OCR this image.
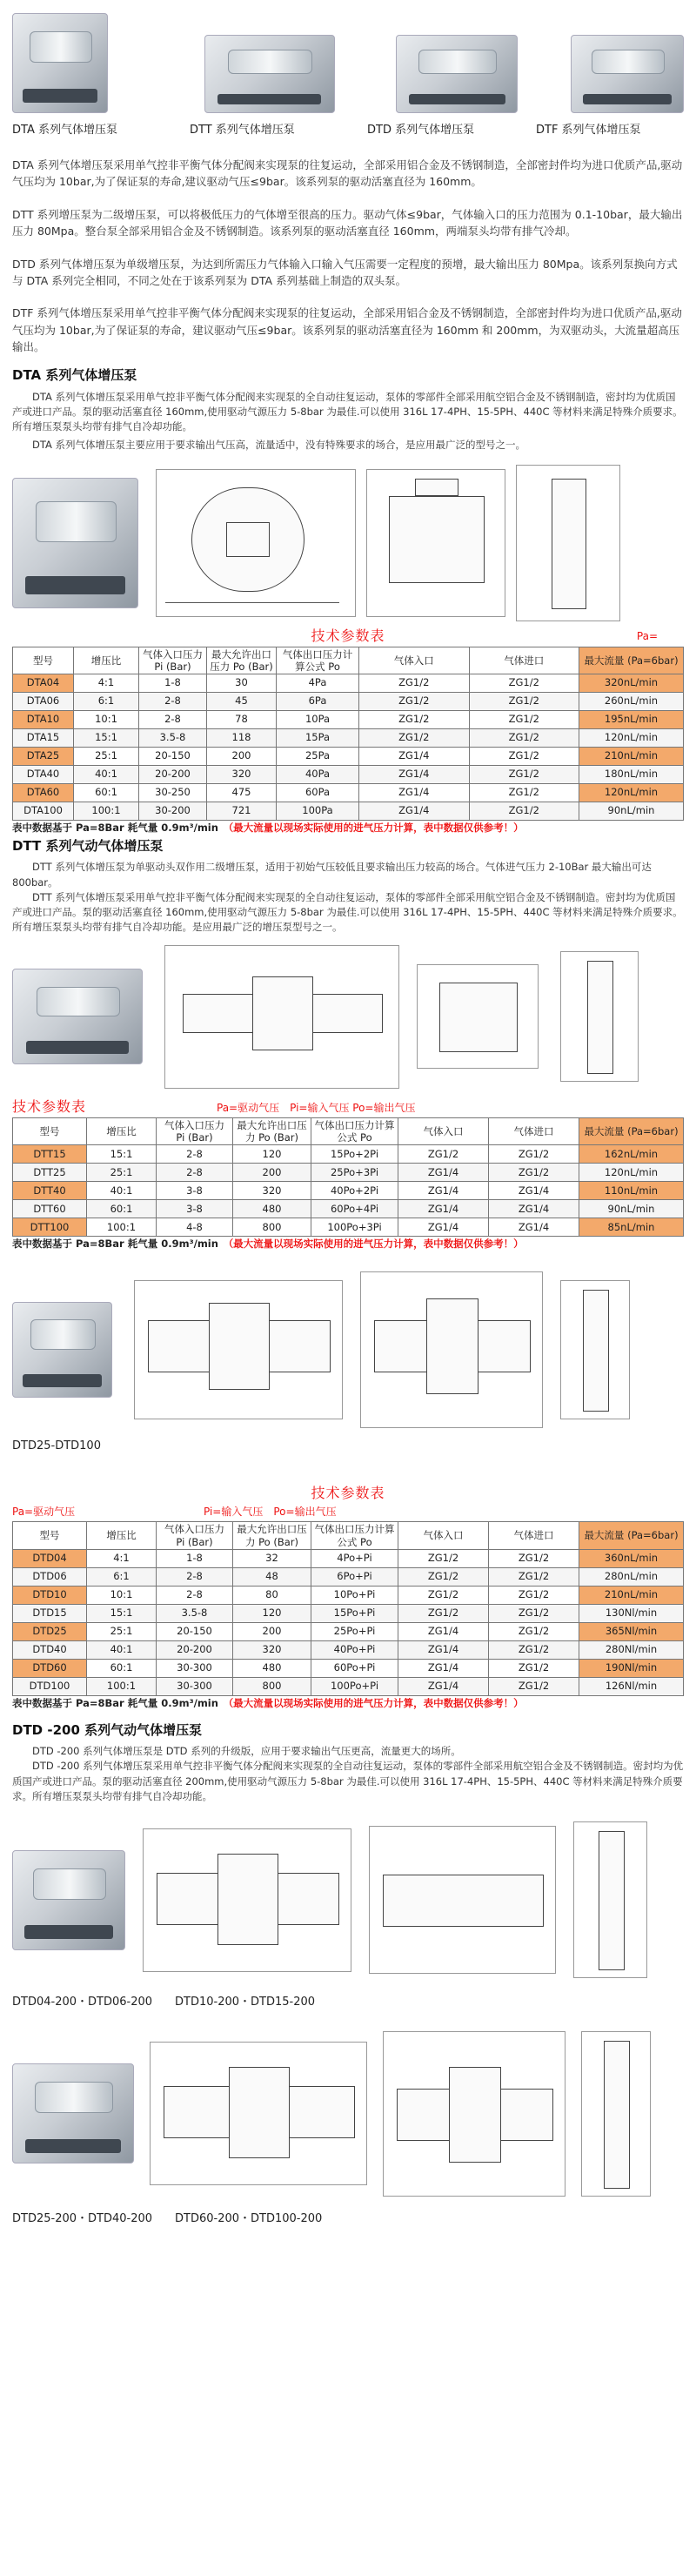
DTA 系列气体增压泵	DTT 系列气体增压泵	DTD 系列气体增压泵	DTF 系列气体增压泵

DTA 系列气体增压泵采用单气控非平衡气体分配阀来实现泵的往复运动，全部采用铝合金及不锈钢制造，全部密封件均为进口优质产品,驱动气压均为 10bar,为了保证泵的寿命,建议驱动气压≤9bar。该系列泵的驱动活塞直径为 160mm。

DTT 系列增压泵为二级增压泵，可以将极低压力的气体增至很高的压力。驱动气体≤9bar，气体输入口的压力范围为 0.1-10bar，最大输出压力 80Mpa。整台泵全部采用铝合金及不锈钢制造。该系列泵的驱动活塞直径 160mm，两端泵头均带有排气冷却。

DTD 系列气体增压泵为单级增压泵，为达到所需压力气体输入口输入气压需要一定程度的预增，最大输出压力 80Mpa。该系列泵换向方式与 DTA 系列完全相同，不同之处在于该系列泵为 DTA 系列基础上制造的双头泵。

DTF 系列气体增压泵采用单气控非平衡气体分配阀来实现泵的往复运动，全部采用铝合金及不锈钢制造，全部密封件均为进口优质产品,驱动气压均为 10bar,为了保证泵的寿命，建议驱动气压≤9bar。该系列泵的驱动活塞直径为 160mm 和 200mm，为双驱动头，大流量超高压输出。

DTA 系列气体增压泵

DTA 系列气体增压泵采用单气控非平衡气体分配阀来实现泵的全自动往复运动，泵体的零部件全部采用航空铝合金及不锈钢制造，密封均为优质国产或进口产品。泵的驱动活塞直径 160mm,使用驱动气源压力 5-8bar 为最佳.可以使用 316L 17-4PH、15-5PH、440C 等材料来满足特殊介质要求。所有增压泵泵头均带有排气自冷却功能。

DTA 系列气体增压泵主要应用于要求输出气压高，流量适中，没有特殊要求的场合，是应用最广泛的型号之一。

技术参数表	Pa=
型号	增压比	气体入口压力 Pi (Bar)	最大允许出口压力 Po (Bar)	气体出口压力计算公式 Po	气体入口	气体进口	最大流量 (Pa=6bar)
DTA04	4:1	1-8	30	4Pa	ZG1/2	ZG1/2	320nL/min
DTA06	6:1	2-8	45	6Pa	ZG1/2	ZG1/2	260nL/min
DTA10	10:1	2-8	78	10Pa	ZG1/2	ZG1/2	195nL/min
DTA15	15:1	3.5-8	118	15Pa	ZG1/2	ZG1/2	120nL/min
DTA25	25:1	20-150	200	25Pa	ZG1/4	ZG1/2	210nL/min
DTA40	40:1	20-200	320	40Pa	ZG1/4	ZG1/2	180nL/min
DTA60	60:1	30-250	475	60Pa	ZG1/4	ZG1/2	120nL/min
DTA100	100:1	30-200	721	100Pa	ZG1/4	ZG1/2	90nL/min
表中数据基于 Pa=8Bar 耗气量 0.9m³/min　 （最大流量以现场实际使用的进气压力计算，表中数据仅供参考！）
DTT 系列气动气体增压泵

DTT 系列气体增压泵为单驱动头双作用二级增压泵，适用于初始气压较低且要求输出压力较高的场合。气体进气压力 2-10Bar 最大输出可达 800bar。

DTT 系列气体增压泵采用单气控非平衡气体分配阀来实现泵的全自动往复运动，泵体的零部件全部采用航空铝合金及不锈钢制造。密封均为优质国产或进口产品。泵的驱动活塞直径 160mm,使用驱动气源压力 5-8bar 为最佳.可以使用 316L 17-4PH、15-5PH、440C 等材料来满足特殊介质要求。所有增压泵泵头均带有排气自冷却功能。是应用最广泛的增压泵型号之一。

技术参数表	Pa=驱动气压　Pi=输入气压 Po=输出气压
型号	增压比	气体入口压力 Pi (Bar)	最大允许出口压力 Po (Bar)	气体出口压力计算公式 Po	气体入口	气体进口	最大流量 (Pa=6bar)
DTT15	15:1	2-8	120	15Po+2Pi	ZG1/2	ZG1/2	162nL/min
DTT25	25:1	2-8	200	25Po+3Pi	ZG1/4	ZG1/2	120nL/min
DTT40	40:1	3-8	320	40Po+2Pi	ZG1/4	ZG1/4	110nL/min
DTT60	60:1	3-8	480	60Po+4Pi	ZG1/4	ZG1/4	90nL/min
DTT100	100:1	4-8	800	100Po+3Pi	ZG1/4	ZG1/4	85nL/min
表中数据基于 Pa=8Bar 耗气量 0.9m³/min　 （最大流量以现场实际使用的进气压力计算，表中数据仅供参考！）
DTD25-DTD100
技术参数表
Pa=驱动气压	Pi=输入气压　Po=输出气压
型号	增压比	气体入口压力 Pi (Bar)	最大允许出口压力 Po (Bar)	气体出口压力计算公式 Po	气体入口	气体进口	最大流量 (Pa=6bar)
DTD04	4:1	1-8	32	4Po+Pi	ZG1/2	ZG1/2	360nL/min
DTD06	6:1	2-8	48	6Po+Pi	ZG1/2	ZG1/2	280nL/min
DTD10	10:1	2-8	80	10Po+Pi	ZG1/2	ZG1/2	210nL/min
DTD15	15:1	3.5-8	120	15Po+Pi	ZG1/2	ZG1/2	130Nl/min
DTD25	25:1	20-150	200	25Po+Pi	ZG1/4	ZG1/2	365Nl/min
DTD40	40:1	20-200	320	40Po+Pi	ZG1/4	ZG1/2	280Nl/min
DTD60	60:1	30-300	480	60Po+Pi	ZG1/4	ZG1/2	190Nl/min
DTD100	100:1	30-300	800	100Po+Pi	ZG1/4	ZG1/2	126Nl/min
表中数据基于 Pa=8Bar 耗气量 0.9m³/min　 （最大流量以现场实际使用的进气压力计算，表中数据仅供参考！）
DTD -200 系列气动气体增压泵

DTD -200 系列气体增压泵是 DTD 系列的升级版，应用于要求输出气压更高，流量更大的场所。

DTD -200 系列气体增压泵采用单气控非平衡气体分配阀来实现泵的全自动往复运动，泵体的零部件全部采用航空铝合金及不锈钢制造。密封均为优质国产或进口产品。泵的驱动活塞直径 200mm,使用驱动气源压力 5-8bar 为最佳.可以使用 316L 17-4PH、15-5PH、440C 等材料来满足特殊介质要求。所有增压泵泵头均带有排气自冷却功能。

DTD04-200・DTD06-200　　DTD10-200・DTD15-200
DTD25-200・DTD40-200　　DTD60-200・DTD100-200
